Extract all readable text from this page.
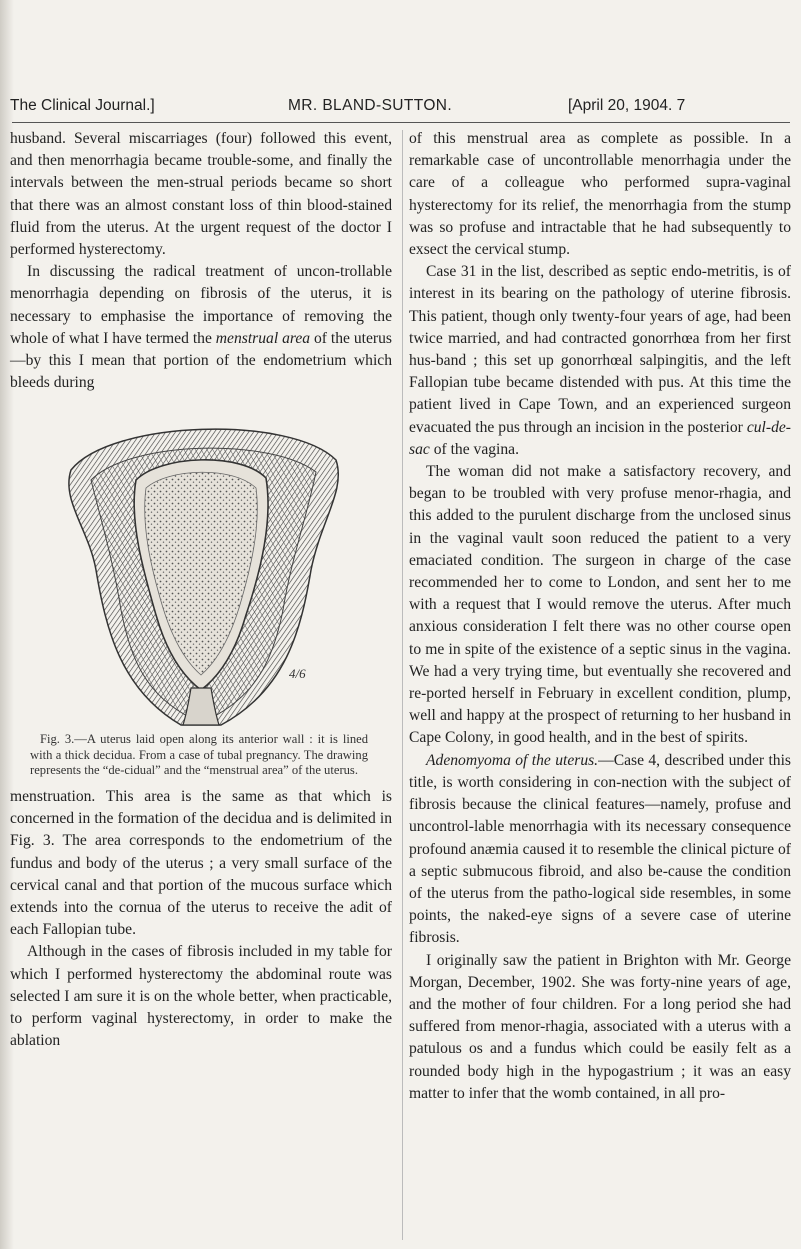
The Clinical Journal.]	MR. BLAND-SUTTON.	[April 20, 1904. 7

husband. Several miscarriages (four) followed this event, and then menorrhagia became trouble-some, and finally the intervals between the men-strual periods became so short that there was an almost constant loss of thin blood-stained fluid from the uterus. At the urgent request of the doctor I performed hysterectomy.

In discussing the radical treatment of uncon-trollable menorrhagia depending on fibrosis of the uterus, it is necessary to emphasise the importance of removing the whole of what I have termed the menstrual area of the uterus—by this I mean that portion of the endometrium which bleeds during

4/6
Fig. 3.—A uterus laid open along its anterior wall : it is lined with a thick decidua. From a case of tubal pregnancy. The drawing represents the “de-cidual” and the “menstrual area” of the uterus.

menstruation. This area is the same as that which is concerned in the formation of the decidua and is delimited in Fig. 3. The area corresponds to the endometrium of the fundus and body of the uterus ; a very small surface of the cervical canal and that portion of the mucous surface which extends into the cornua of the uterus to receive the adit of each Fallopian tube.

Although in the cases of fibrosis included in my table for which I performed hysterectomy the abdominal route was selected I am sure it is on the whole better, when practicable, to perform vaginal hysterectomy, in order to make the ablation

of this menstrual area as complete as possible. In a remarkable case of uncontrollable menorrhagia under the care of a colleague who performed supra-vaginal hysterectomy for its relief, the menorrhagia from the stump was so profuse and intractable that he had subsequently to exsect the cervical stump.

Case 31 in the list, described as septic endo-metritis, is of interest in its bearing on the pathology of uterine fibrosis. This patient, though only twenty-four years of age, had been twice married, and had contracted gonorrhœa from her first hus-band ; this set up gonorrhœal salpingitis, and the left Fallopian tube became distended with pus. At this time the patient lived in Cape Town, and an experienced surgeon evacuated the pus through an incision in the posterior cul-de-sac of the vagina.

The woman did not make a satisfactory recovery, and began to be troubled with very profuse menor-rhagia, and this added to the purulent discharge from the unclosed sinus in the vaginal vault soon reduced the patient to a very emaciated condition. The surgeon in charge of the case recommended her to come to London, and sent her to me with a request that I would remove the uterus. After much anxious consideration I felt there was no other course open to me in spite of the existence of a septic sinus in the vagina. We had a very trying time, but eventually she recovered and re-ported herself in February in excellent condition, plump, well and happy at the prospect of returning to her husband in Cape Colony, in good health, and in the best of spirits.

Adenomyoma of the uterus.—Case 4, described under this title, is worth considering in con-nection with the subject of fibrosis because the clinical features—namely, profuse and uncontrol-lable menorrhagia with its necessary consequence profound anæmia caused it to resemble the clinical picture of a septic submucous fibroid, and also be-cause the condition of the uterus from the patho-logical side resembles, in some points, the naked-eye signs of a severe case of uterine fibrosis.

I originally saw the patient in Brighton with Mr. George Morgan, December, 1902. She was forty-nine years of age, and the mother of four children. For a long period she had suffered from menor-rhagia, associated with a uterus with a patulous os and a fundus which could be easily felt as a rounded body high in the hypogastrium ; it was an easy matter to infer that the womb contained, in all pro-
